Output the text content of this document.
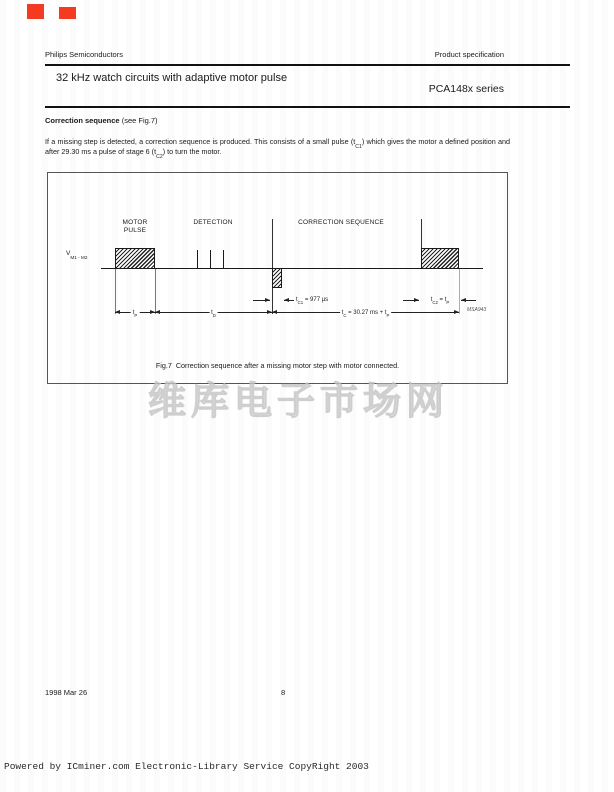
Philips Semiconductors	Product specification
32 kHz watch circuits with adaptive motor pulse
PCA148x series
Correction sequence (see Fig.7)

If a missing step is detected, a correction sequence is produced. This consists of a small pulse $(t_{C1})$ which gives the motor a defined position and after 29.30 ms a pulse of stage 6 $(t_{C2})$ to turn the motor.

MOTOR
PULSE
DETECTION	CORRECTION SEQUENCE
$V_{M1 - M2}$
$t_{C1} = 977$ μs	$t_{C2} = t_P$
$t_P$	$t_D$	$t_C = 30.27$ ms + $t_P$
MSA943
Fig.7  Correction sequence after a missing motor step with motor connected.
维库电子市场网
1998 Mar 26	8
Powered by ICminer.com Electronic-Library Service CopyRight 2003
